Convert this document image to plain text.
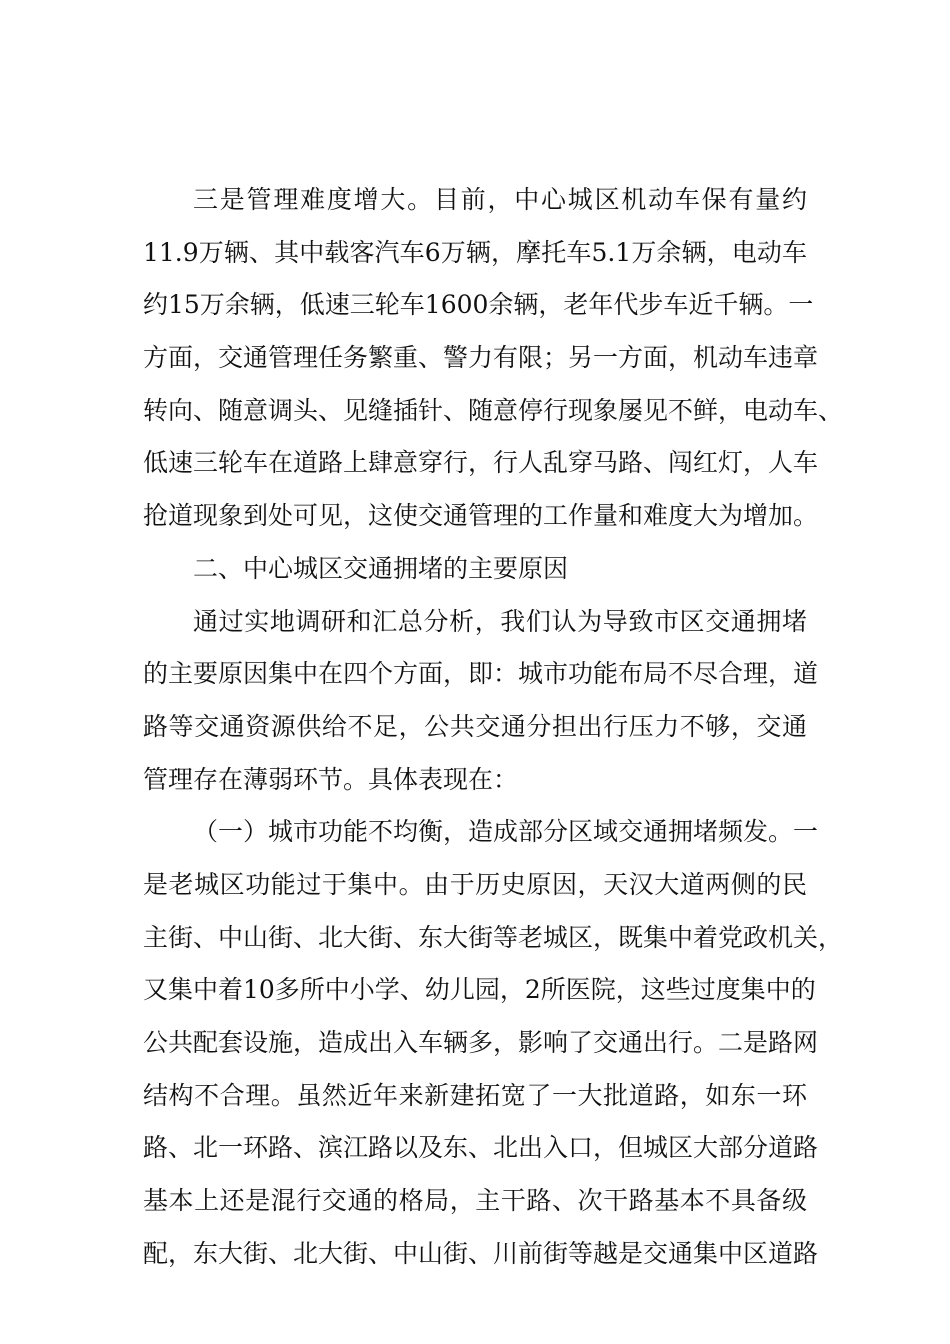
三是管理难度增大。目前，中心城区机动车保有量约
11.9万辆、其中载客汽车6万辆，摩托车5.1万余辆，电动车
约15万余辆，低速三轮车1600余辆，老年代步车近千辆。一
方面，交通管理任务繁重、警力有限；另一方面，机动车违章
转向、随意调头、见缝插针、随意停行现象屡见不鲜，电动车、
低速三轮车在道路上肆意穿行，行人乱穿马路、闯红灯，人车
抢道现象到处可见，这使交通管理的工作量和难度大为增加。
二、中心城区交通拥堵的主要原因
通过实地调研和汇总分析，我们认为导致市区交通拥堵
的主要原因集中在四个方面，即：城市功能布局不尽合理，道
路等交通资源供给不足，公共交通分担出行压力不够，交通
管理存在薄弱环节。具体表现在：
（一）城市功能不均衡，造成部分区域交通拥堵频发。一
是老城区功能过于集中。由于历史原因，天汉大道两侧的民
主街、中山街、北大街、东大街等老城区，既集中着党政机关，
又集中着10多所中小学、幼儿园，2所医院，这些过度集中的
公共配套设施，造成出入车辆多，影响了交通出行。二是路网
结构不合理。虽然近年来新建拓宽了一大批道路，如东一环
路、北一环路、滨江路以及东、北出入口，但城区大部分道路
基本上还是混行交通的格局，主干路、次干路基本不具备级
配，东大街、北大街、中山街、川前街等越是交通集中区道路
